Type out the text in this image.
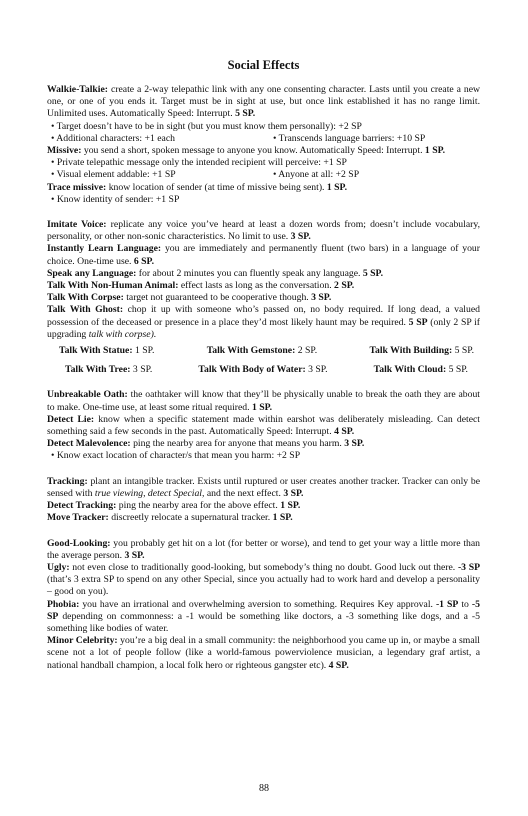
Social Effects

Walkie-Talkie: create a 2-way telepathic link with any one consenting character. Lasts until you create a new one, or one of you ends it. Target must be in sight at use, but once link established it has no range limit. Unlimited uses. Automatically Speed: Interrupt. 5 SP.

• Target doesn’t have to be in sight (but you must know them personally): +2 SP
• Additional characters: +1 each	• Transcends language barriers: +10 SP

Missive: you send a short, spoken message to anyone you know. Automatically Speed: Interrupt. 1 SP.

• Private telepathic message only the intended recipient will perceive: +1 SP
• Visual element addable: +1 SP	• Anyone at all: +2 SP

Trace missive: know location of sender (at time of missive being sent). 1 SP.

• Know identity of sender: +1 SP

Imitate Voice: replicate any voice you’ve heard at least a dozen words from; doesn’t include vocabulary, personality, or other non-sonic characteristics. No limit to use. 3 SP.

Instantly Learn Language: you are immediately and permanently fluent (two bars) in a language of your choice. One-time use. 6 SP.

Speak any Language: for about 2 minutes you can fluently speak any language. 5 SP.

Talk With Non-Human Animal: effect lasts as long as the conversation. 2 SP.

Talk With Corpse: target not guaranteed to be cooperative though. 3 SP.

Talk With Ghost: chop it up with someone who’s passed on, no body required. If long dead, a valued possession of the deceased or presence in a place they’d most likely haunt may be required. 5 SP (only 2 SP if upgrading talk with corpse).

Talk With Statue: 1 SP.	Talk With Gemstone: 2 SP.	Talk With Building: 5 SP.
Talk With Tree: 3 SP.	Talk With Body of Water: 3 SP.	Talk With Cloud: 5 SP.

Unbreakable Oath: the oathtaker will know that they’ll be physically unable to break the oath they are about to make. One-time use, at least some ritual required. 1 SP.

Detect Lie: know when a specific statement made within earshot was deliberately misleading. Can detect something said a few seconds in the past. Automatically Speed: Interrupt. 4 SP.

Detect Malevolence: ping the nearby area for anyone that means you harm. 3 SP.

• Know exact location of character/s that mean you harm: +2 SP

Tracking: plant an intangible tracker. Exists until ruptured or user creates another tracker. Tracker can only be sensed with true viewing, detect Special, and the next effect. 3 SP.

Detect Tracking: ping the nearby area for the above effect. 1 SP.

Move Tracker: discreetly relocate a supernatural tracker. 1 SP.

Good-Looking: you probably get hit on a lot (for better or worse), and tend to get your way a little more than the average person. 3 SP.

Ugly: not even close to traditionally good-looking, but somebody’s thing no doubt. Good luck out there. -3 SP (that’s 3 extra SP to spend on any other Special, since you actually had to work hard and develop a personality – good on you).

Phobia: you have an irrational and overwhelming aversion to something. Requires Key approval. -1 SP to -5 SP depending on commonness: a -1 would be something like doctors, a -3 something like dogs, and a -5 something like bodies of water.

Minor Celebrity: you’re a big deal in a small community: the neighborhood you came up in, or maybe a small scene not a lot of people follow (like a world-famous powerviolence musician, a legendary graf artist, a national handball champion, a local folk hero or righteous gangster etc). 4 SP.

88
